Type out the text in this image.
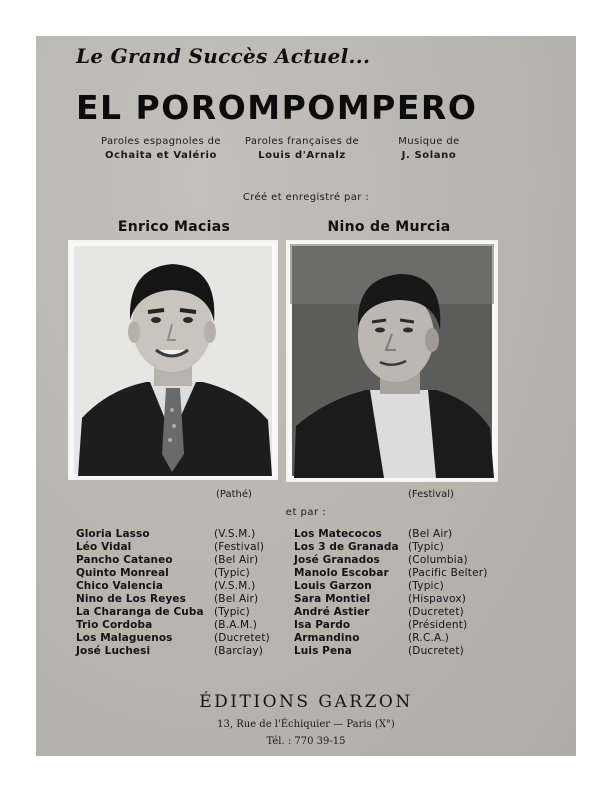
Le Grand Succès Actuel...
EL POROMPOMPERO
Paroles espagnoles de
Ochaita et Valério
Paroles françaises de
Louis d'Arnalz
Musique de
J. Solano
Créé et enregistré par :
Enrico Macias	Nino de Murcia
(Pathé)	(Festival)
et par :
Gloria Lasso
Léo Vidal
Pancho Cataneo
Quinto Monreal
Chico Valencia
Nino de Los Reyes
La Charanga de Cuba
Trio Cordoba
Los Malaguenos
José Luchesi
(V.S.M.)
(Festival)
(Bel Air)
(Typic)
(V.S.M.)
(Bel Air)
(Typic)
(B.A.M.)
(Ducretet)
(Barclay)
Los Matecocos
Los 3 de Granada
José Granados
Manolo Escobar
Louis Garzon
Sara Montiel
André Astier
Isa Pardo
Armandino
Luis Pena
(Bel Air)
(Typic)
(Columbia)
(Pacific Belter)
(Typic)
(Hispavox)
(Ducretet)
(Président)
(R.C.A.)
(Ducretet)
ÉDITIONS GARZON
13, Rue de l'Échiquier — Paris (X°)
Tél. : 770 39-15
